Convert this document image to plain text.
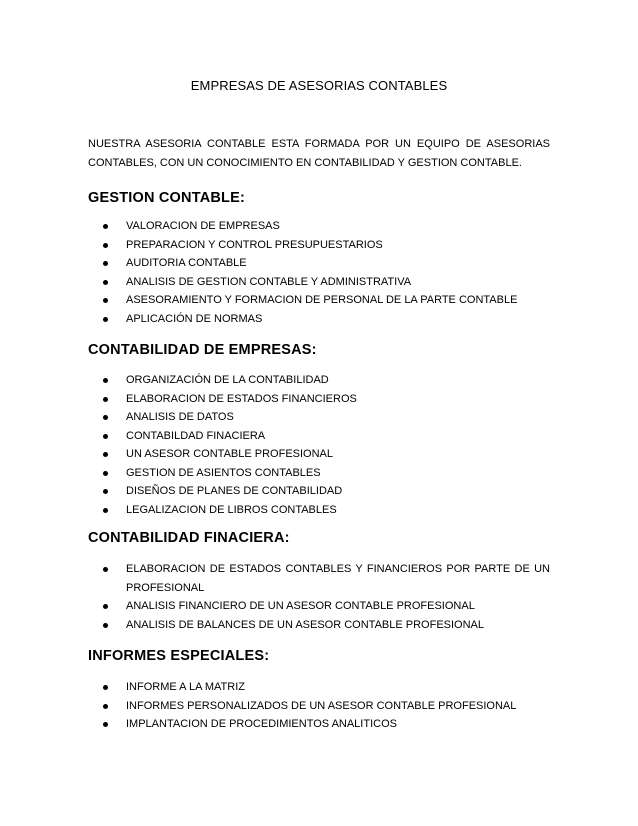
EMPRESAS DE ASESORIAS CONTABLES

NUESTRA ASESORIA CONTABLE ESTA FORMADA POR UN EQUIPO DE ASESORIAS CONTABLES, CON UN CONOCIMIENTO EN CONTABILIDAD Y GESTION CONTABLE.

GESTION CONTABLE:
VALORACION DE EMPRESAS
PREPARACION Y CONTROL PRESUPUESTARIOS
AUDITORIA CONTABLE
ANALISIS DE GESTION CONTABLE Y ADMINISTRATIVA
ASESORAMIENTO Y FORMACION DE PERSONAL DE LA PARTE CONTABLE
APLICACIÓN DE NORMAS
CONTABILIDAD DE EMPRESAS:
ORGANIZACIÓN DE LA CONTABILIDAD
ELABORACION DE ESTADOS FINANCIEROS
ANALISIS DE DATOS
CONTABILDAD FINACIERA
UN ASESOR CONTABLE PROFESIONAL
GESTION DE ASIENTOS CONTABLES
DISEÑOS DE PLANES DE CONTABILIDAD
LEGALIZACION DE LIBROS CONTABLES
CONTABILIDAD FINACIERA:
ELABORACION DE ESTADOS CONTABLES Y FINANCIEROS POR PARTE DE UN PROFESIONAL
ANALISIS FINANCIERO DE UN ASESOR CONTABLE PROFESIONAL
ANALISIS DE BALANCES DE UN ASESOR CONTABLE PROFESIONAL
INFORMES ESPECIALES:
INFORME A LA MATRIZ
INFORMES PERSONALIZADOS DE UN ASESOR CONTABLE PROFESIONAL
IMPLANTACION DE PROCEDIMIENTOS ANALITICOS
